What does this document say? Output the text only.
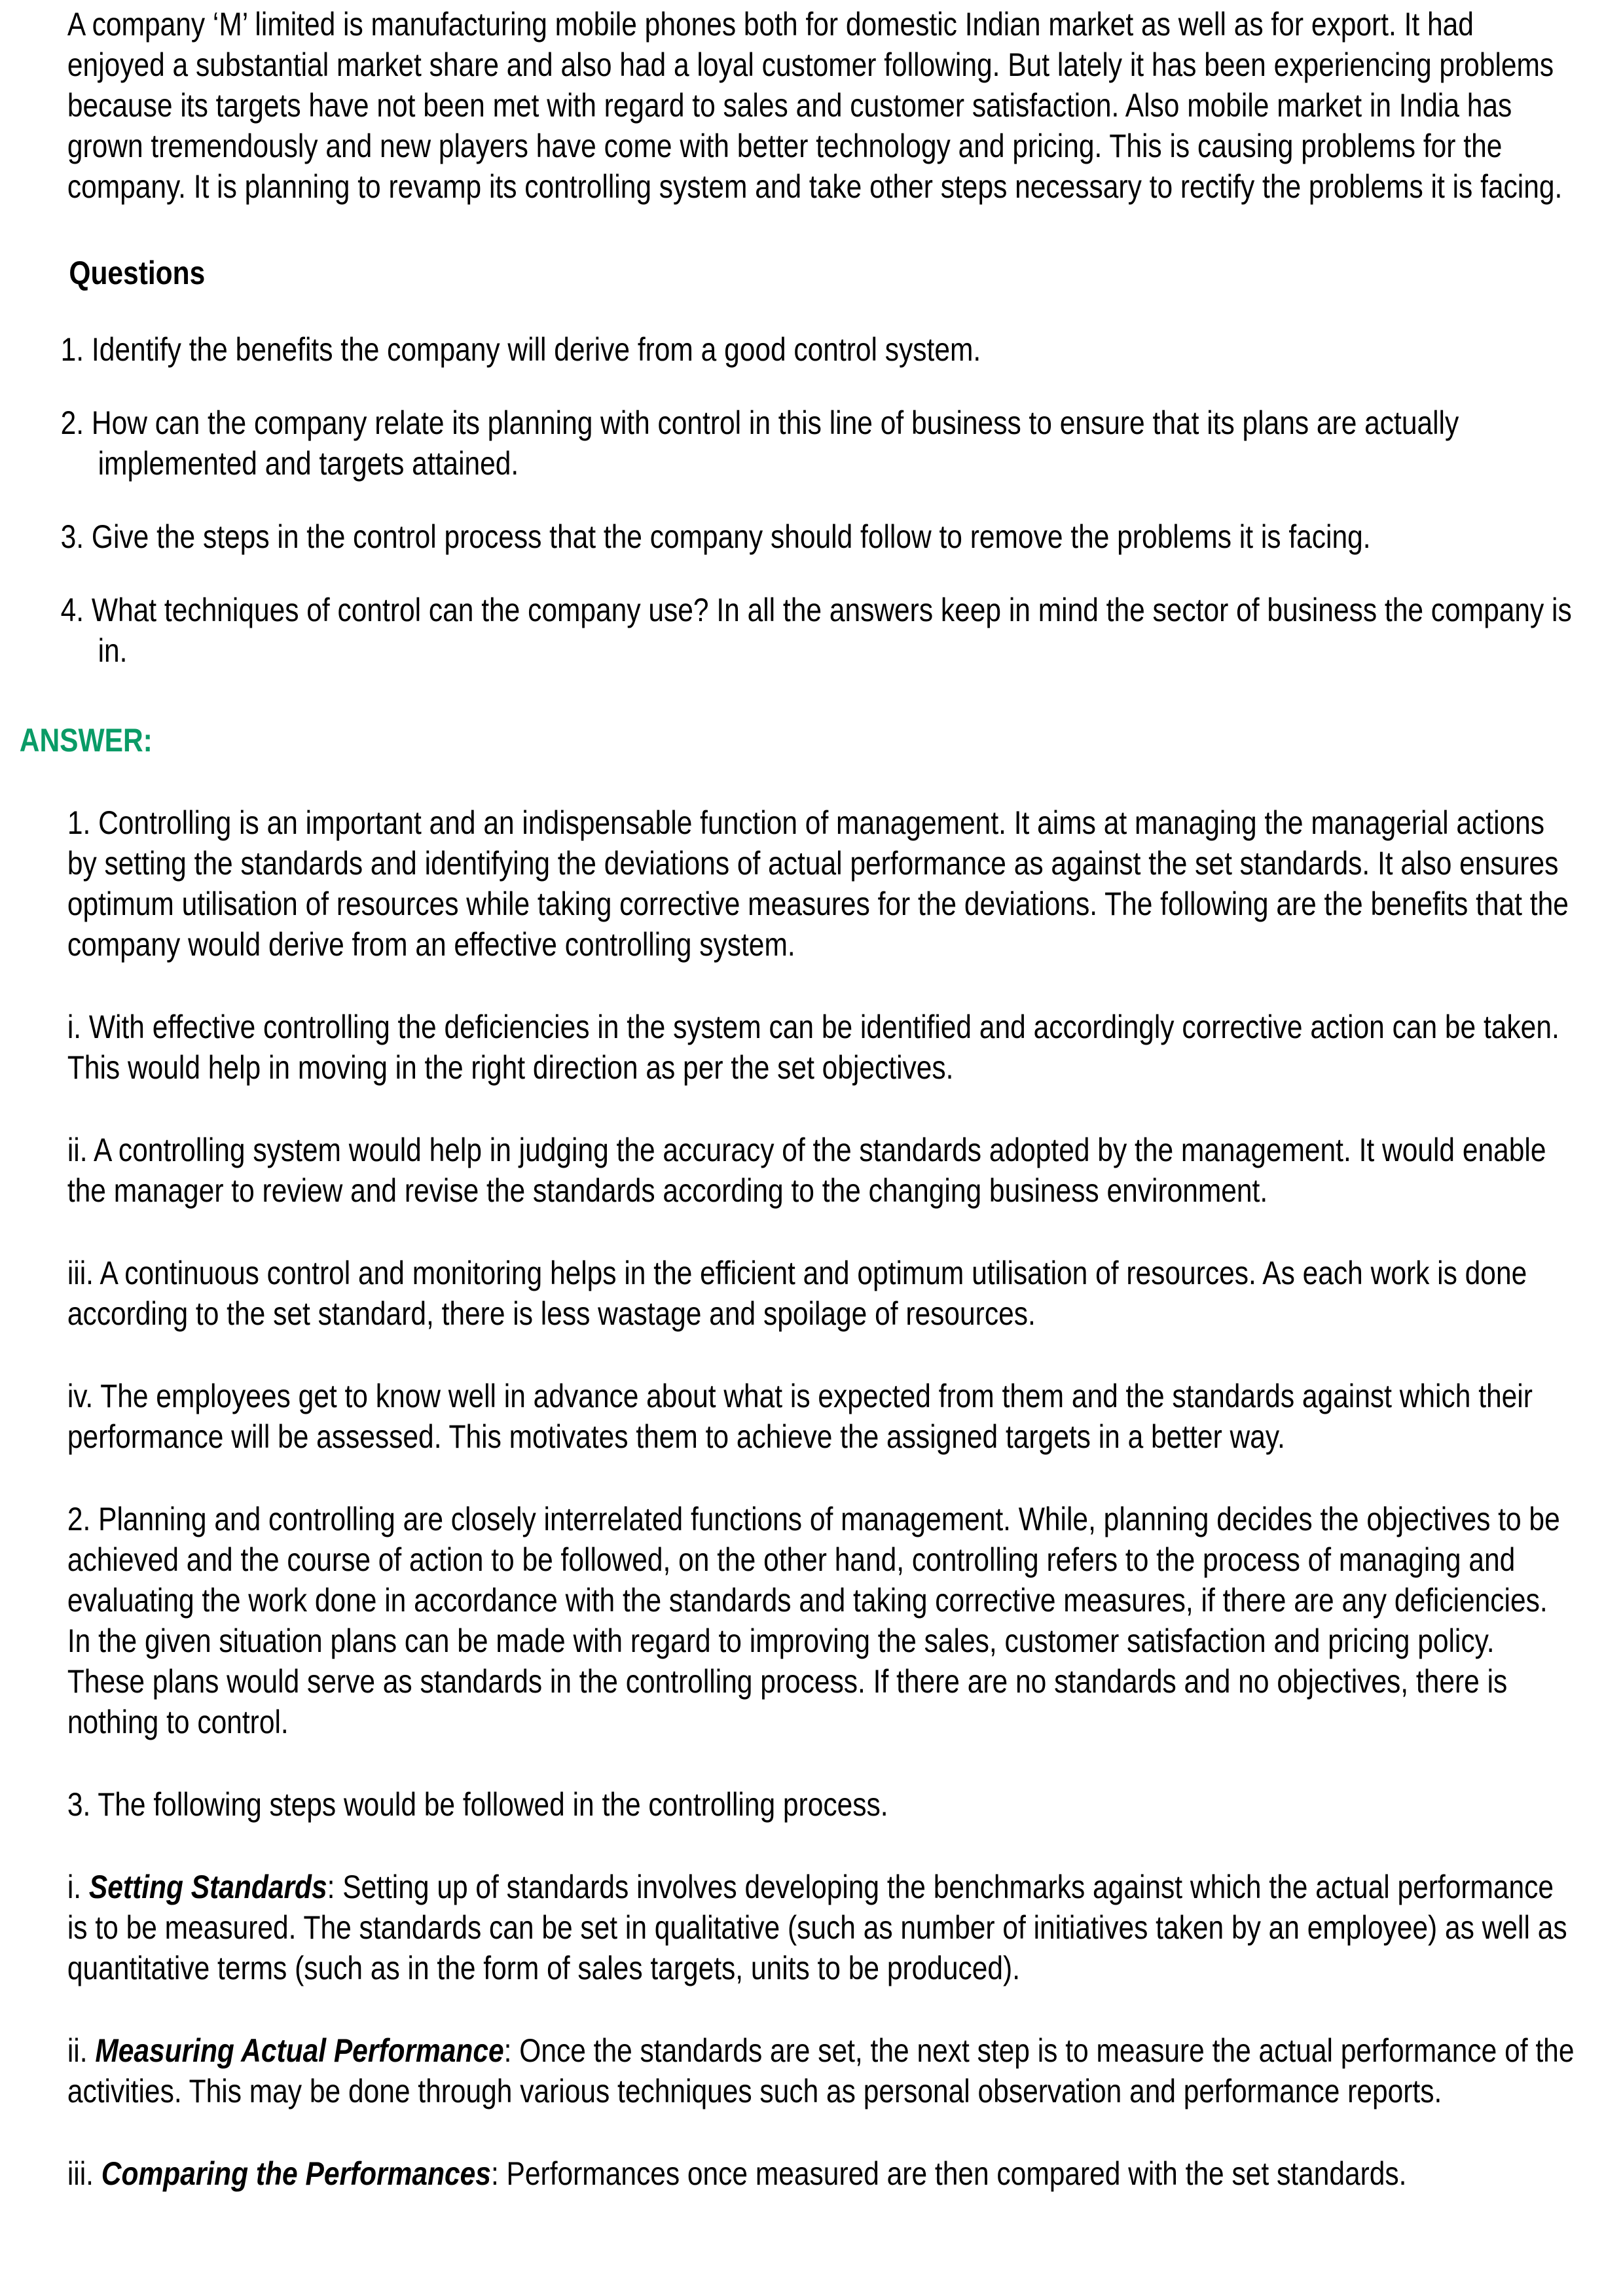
A company ‘M’ limited is manufacturing mobile phones both for domestic Indian market as well as for export. It had enjoyed a substantial market share and also had a loyal customer following. But lately it has been experiencing problems because its targets have not been met with regard to sales and customer satisfaction. Also mobile market in India has grown tremendously and new players have come with better technology and pricing. This is causing problems for the company. It is planning to revamp its controlling system and take other steps necessary to rectify the problems it is facing.

Questions

1. Identify the benefits the company will derive from a good control system.

2. How can the company relate its planning with control in this line of business to ensure that its plans are actually implemented and targets attained.

3. Give the steps in the control process that the company should follow to remove the problems it is facing.

4. What techniques of control can the company use? In all the answers keep in mind the sector of business the company is in.

ANSWER:

1. Controlling is an important and an indispensable function of management. It aims at managing the managerial actions by setting the standards and identifying the deviations of actual performance as against the set standards. It also ensures optimum utilisation of resources while taking corrective measures for the deviations. The following are the benefits that the company would derive from an effective controlling system.

i. With effective controlling the deficiencies in the system can be identified and accordingly corrective action can be taken. This would help in moving in the right direction as per the set objectives.

ii. A controlling system would help in judging the accuracy of the standards adopted by the management. It would enable the manager to review and revise the standards according to the changing business environment.

iii. A continuous control and monitoring helps in the efficient and optimum utilisation of resources. As each work is done according to the set standard, there is less wastage and spoilage of resources.

iv. The employees get to know well in advance about what is expected from them and the standards against which their performance will be assessed. This motivates them to achieve the assigned targets in a better way.

2. Planning and controlling are closely interrelated functions of management. While, planning decides the objectives to be achieved and the course of action to be followed, on the other hand, controlling refers to the process of managing and evaluating the work done in accordance with the standards and taking corrective measures, if there are any deficiencies. In the given situation plans can be made with regard to improving the sales, customer satisfaction and pricing policy. These plans would serve as standards in the controlling process. If there are no standards and no objectives, there is nothing to control.

3. The following steps would be followed in the controlling process.

i. Setting Standards: Setting up of standards involves developing the benchmarks against which the actual performance is to be measured. The standards can be set in qualitative (such as number of initiatives taken by an employee) as well as quantitative terms (such as in the form of sales targets, units to be produced).

ii. Measuring Actual Performance: Once the standards are set, the next step is to measure the actual performance of the activities. This may be done through various techniques such as personal observation and performance reports.

iii. Comparing the Performances: Performances once measured are then compared with the set standards.
